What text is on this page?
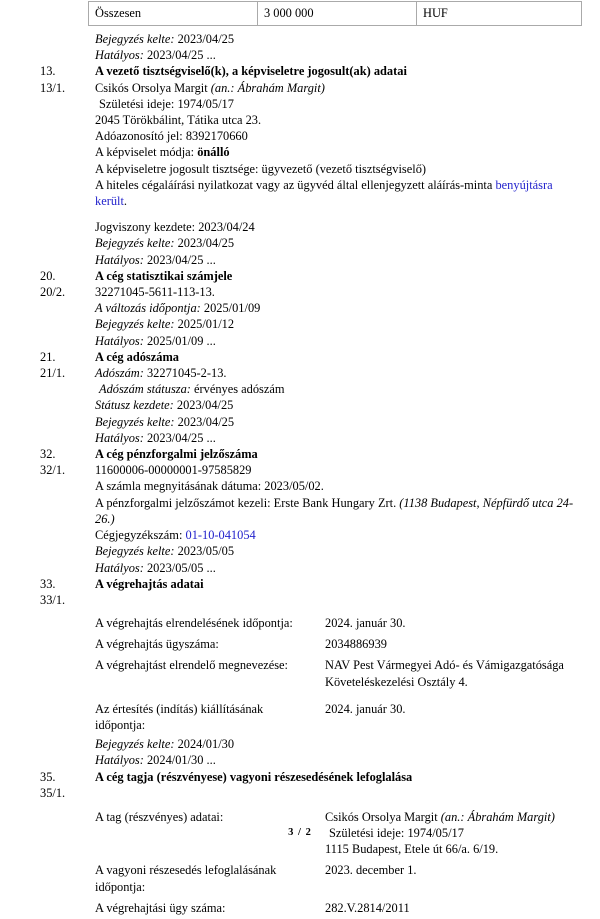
Összesen	3 000 000	HUF
Bejegyzés kelte: 2023/04/25
Hatályos: 2023/04/25 ...
13.	A vezető tisztségviselő(k), a képviseletre jogosult(ak) adatai
13/1.	Csikós Orsolya Margit (an.: Ábrahám Margit)
Születési ideje: 1974/05/17
2045 Törökbálint, Tátika utca 23.
Adóazonosító jel: 8392170660
A képviselet módja: önálló
A képviseletre jogosult tisztsége: ügyvezető (vezető tisztségviselő)
A hiteles cégaláírási nyilatkozat vagy az ügyvéd által ellenjegyzett aláírás-minta benyújtásra került.
Jogviszony kezdete: 2023/04/24
Bejegyzés kelte: 2023/04/25
Hatályos: 2023/04/25 ...
20.	A cég statisztikai számjele
20/2.	32271045-5611-113-13.
A változás időpontja: 2025/01/09
Bejegyzés kelte: 2025/01/12
Hatályos: 2025/01/09 ...
21.	A cég adószáma
21/1.	Adószám: 32271045-2-13.
Adószám státusza: érvényes adószám
Státusz kezdete: 2023/04/25
Bejegyzés kelte: 2023/04/25
Hatályos: 2023/04/25 ...
32.	A cég pénzforgalmi jelzőszáma
32/1.	11600006-00000001-97585829
A számla megnyitásának dátuma: 2023/05/02.
A pénzforgalmi jelzőszámot kezeli: Erste Bank Hungary Zrt. (1138 Budapest, Népfürdő utca 24-26.)
Cégjegyzékszám: 01-10-041054
Bejegyzés kelte: 2023/05/05
Hatályos: 2023/05/05 ...
33.	A végrehajtás adatai
33/1.
A végrehajtás elrendelésének időpontja:	2024. január 30.
A végrehajtás ügyszáma:	2034886939
A végrehajtást elrendelő megnevezése:	NAV Pest Vármegyei Adó- és Vámigazgatósága Követeléskezelési Osztály 4.
Az értesítés (indítás) kiállításának időpontja:
2024. január 30.
Bejegyzés kelte: 2024/01/30
Hatályos: 2024/01/30 ...
35.	A cég tagja (részvényese) vagyoni részesedésének lefoglalása
35/1.
A tag (részvényes) adatai:	Csikós Orsolya Margit (an.: Ábrahám Margit)
Születési ideje: 1974/05/17
1115 Budapest, Etele út 66/a. 6/19.
A vagyoni részesedés lefoglalásának időpontja:
2023. december 1.
A végrehajtási ügy száma:	282.V.2814/2011
3 / 2
